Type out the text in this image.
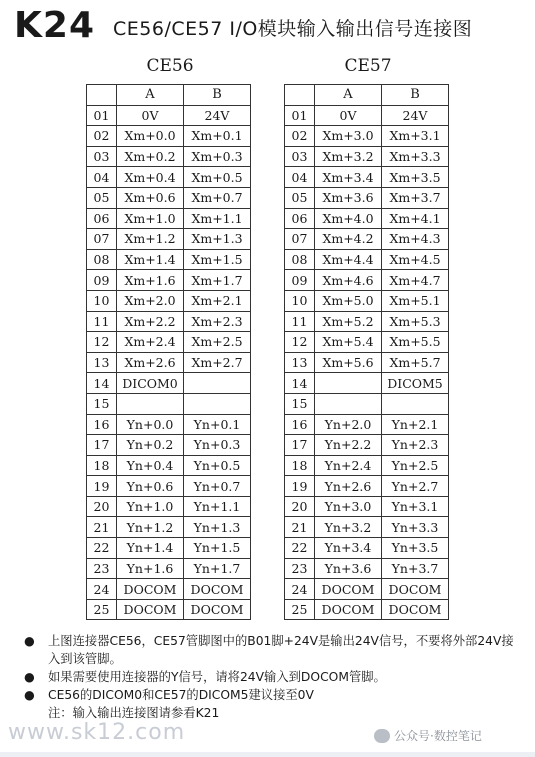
K24 CE56/CE57 I/O模块输入输出信号连接图
CE56	CE57
	A	B
01	0V	24V
02	Xm+0.0	Xm+0.1
03	Xm+0.2	Xm+0.3
04	Xm+0.4	Xm+0.5
05	Xm+0.6	Xm+0.7
06	Xm+1.0	Xm+1.1
07	Xm+1.2	Xm+1.3
08	Xm+1.4	Xm+1.5
09	Xm+1.6	Xm+1.7
10	Xm+2.0	Xm+2.1
11	Xm+2.2	Xm+2.3
12	Xm+2.4	Xm+2.5
13	Xm+2.6	Xm+2.7
14	DICOM0	
15		
16	Yn+0.0	Yn+0.1
17	Yn+0.2	Yn+0.3
18	Yn+0.4	Yn+0.5
19	Yn+0.6	Yn+0.7
20	Yn+1.0	Yn+1.1
21	Yn+1.2	Yn+1.3
22	Yn+1.4	Yn+1.5
23	Yn+1.6	Yn+1.7
24	DOCOM	DOCOM
25	DOCOM	DOCOM
	A	B
01	0V	24V
02	Xm+3.0	Xm+3.1
03	Xm+3.2	Xm+3.3
04	Xm+3.4	Xm+3.5
05	Xm+3.6	Xm+3.7
06	Xm+4.0	Xm+4.1
07	Xm+4.2	Xm+4.3
08	Xm+4.4	Xm+4.5
09	Xm+4.6	Xm+4.7
10	Xm+5.0	Xm+5.1
11	Xm+5.2	Xm+5.3
12	Xm+5.4	Xm+5.5
13	Xm+5.6	Xm+5.7
14		DICOM5
15		
16	Yn+2.0	Yn+2.1
17	Yn+2.2	Yn+2.3
18	Yn+2.4	Yn+2.5
19	Yn+2.6	Yn+2.7
20	Yn+3.0	Yn+3.1
21	Yn+3.2	Yn+3.3
22	Yn+3.4	Yn+3.5
23	Yn+3.6	Yn+3.7
24	DOCOM	DOCOM
25	DOCOM	DOCOM
● 上图连接器CE56，CE57管脚图中的B01脚+24V是输出24V信号，不要将外部24V接入到该管脚。
● 如果需要使用连接器的Y信号，请将24V输入到DOCOM管脚。
● CE56的DICOM0和CE57的DICOM5建议接至0V
注：输入输出连接图请参看K21
www.sk12.com	公众号·数控笔记
